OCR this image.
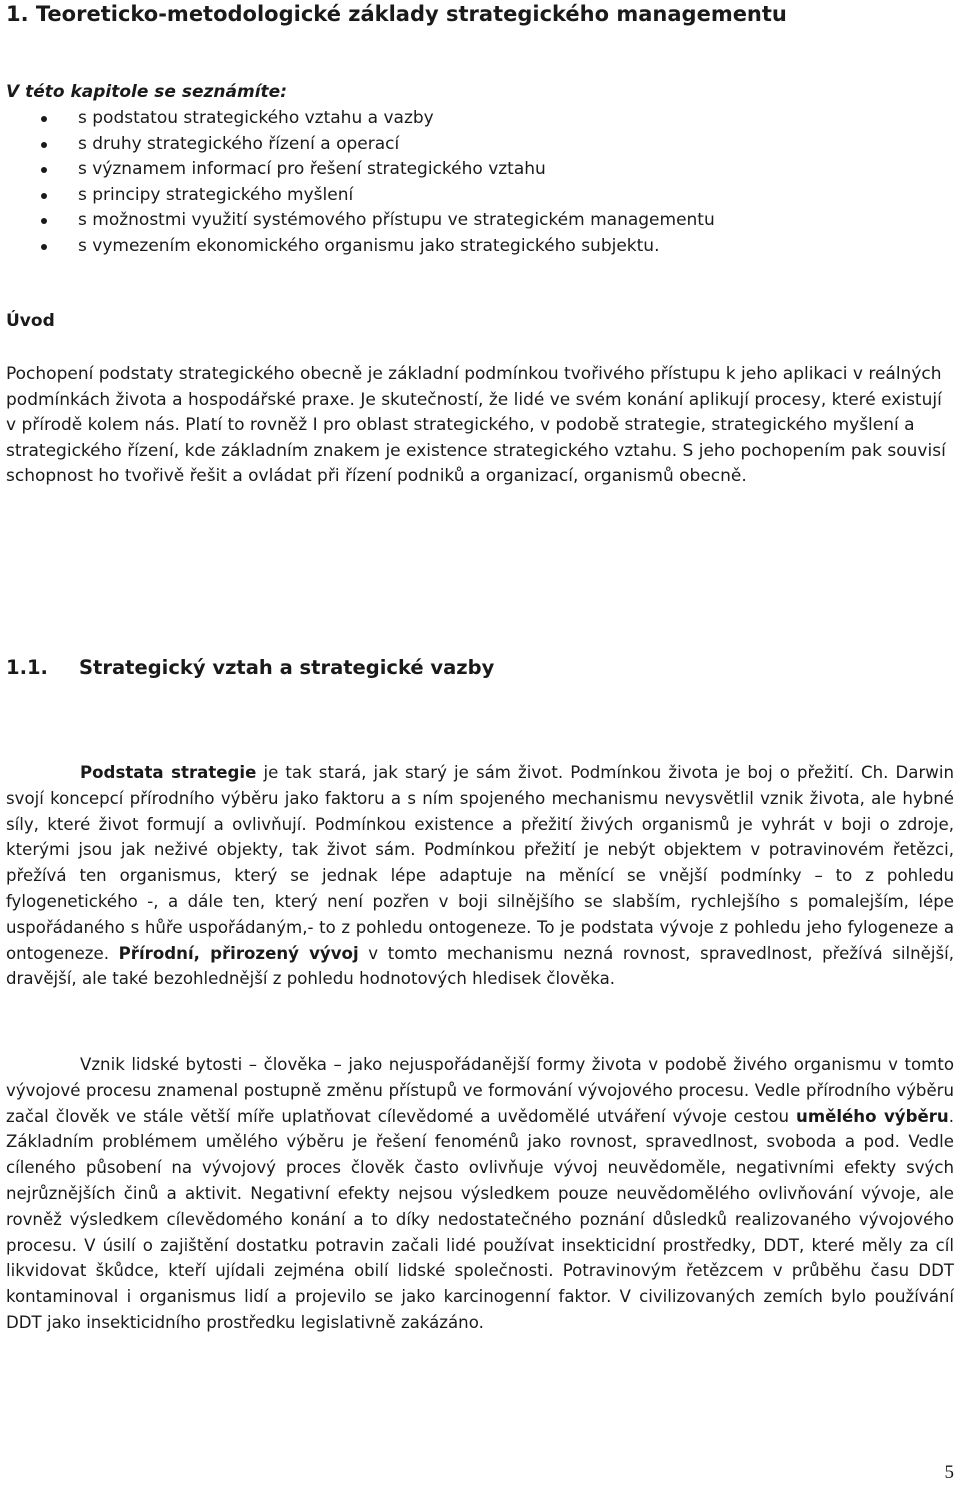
1. Teoreticko-metodologické základy strategického managementu

V této kapitole se seznámíte:

s podstatou strategického vztahu a vazby
s druhy strategického řízení a operací
s významem informací pro řešení strategického vztahu
s principy strategického myšlení
s možnostmi využití systémového přístupu ve strategickém managementu
s vymezením ekonomického organismu jako strategického subjektu.

Úvod

Pochopení podstaty strategického obecně je základní podmínkou tvořivého přístupu k jeho aplikaci v reálných podmínkách života a hospodářské praxe. Je skutečností, že lidé ve svém konání aplikují procesy, které existují v přírodě kolem nás. Platí to rovněž I pro oblast strategického, v podobě strategie, strategického myšlení a strategického řízení, kde základním znakem je existence strategického vztahu. S jeho pochopením pak souvisí schopnost ho tvořivě řešit a ovládat při řízení podniků a organizací, organismů obecně.

1.1. Strategický vztah a strategické vazby

Podstata strategie je tak stará, jak starý je sám život. Podmínkou života je boj o přežití. Ch. Darwin svojí koncepcí přírodního výběru jako faktoru a s ním spojeného mechanismu nevysvětlil vznik života, ale hybné síly, které život formují a ovlivňují. Podmínkou existence a přežití živých organismů je vyhrát v boji o zdroje, kterými jsou jak neživé objekty, tak život sám. Podmínkou přežití je nebýt objektem v potravinovém řetězci, přežívá ten organismus, který se jednak lépe adaptuje na měnící se vnější podmínky – to z pohledu fylogenetického -, a dále ten, který není pozřen v boji silnějšího se slabším, rychlejšího s pomalejším, lépe uspořádaného s hůře uspořádaným,- to z pohledu ontogeneze. To je podstata vývoje z pohledu jeho fylogeneze a ontogeneze. Přírodní, přirozený vývoj v tomto mechanismu nezná rovnost, spravedlnost, přežívá silnější, dravější, ale také bezohlednější z pohledu hodnotových hledisek člověka.

Vznik lidské bytosti – člověka – jako nejuspořádanější formy života v podobě živého organismu v tomto vývojové procesu znamenal postupně změnu přístupů ve formování vývojového procesu. Vedle přírodního výběru začal člověk ve stále větší míře uplatňovat cílevědomé a uvědomělé utváření vývoje cestou umělého výběru. Základním problémem umělého výběru je řešení fenoménů jako rovnost, spravedlnost, svoboda a pod. Vedle cíleného působení na vývojový proces člověk často ovlivňuje vývoj neuvědoměle, negativními efekty svých nejrůznějších činů a aktivit. Negativní efekty nejsou výsledkem pouze neuvědomělého ovlivňování vývoje, ale rovněž výsledkem cílevědomého konání a to díky nedostatečného poznání důsledků realizovaného vývojového procesu. V úsilí o zajištění dostatku potravin začali lidé používat insekticidní prostředky, DDT, které měly za cíl likvidovat škůdce, kteří ujídali zejména obilí lidské společnosti. Potravinovým řetězcem v průběhu času DDT kontaminoval i organismus lidí a projevilo se jako karcinogenní faktor. V civilizovaných zemích bylo používání DDT jako insekticidního prostředku legislativně zakázáno.

5
